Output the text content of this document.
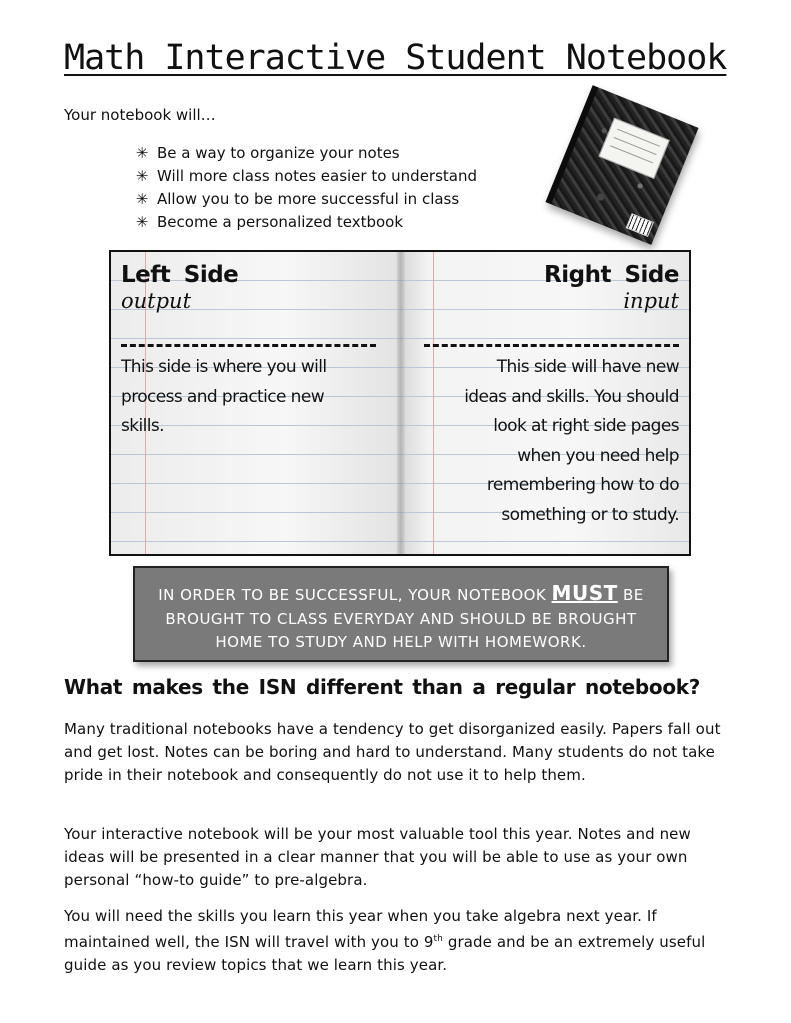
Math Interactive Student Notebook

Your notebook will…

✳ Be a way to organize your notes
✳ Will more class notes easier to understand
✳ Allow you to be more successful in class
✳ Become a personalized textbook
Left Side

output

This side is where you will process and practice new skills.

Right Side

input

This side will have new ideas and skills. You should look at right side pages when you need help remembering how to do something or to study.

IN ORDER TO BE SUCCESSFUL, YOUR NOTEBOOK MUST BE BROUGHT TO CLASS EVERYDAY AND SHOULD BE BROUGHT HOME TO STUDY AND HELP WITH HOMEWORK.
What makes the ISN different than a regular notebook?

Many traditional notebooks have a tendency to get disorganized easily. Papers fall out and get lost. Notes can be boring and hard to understand. Many students do not take pride in their notebook and consequently do not use it to help them.

Your interactive notebook will be your most valuable tool this year. Notes and new ideas will be presented in a clear manner that you will be able to use as your own personal “how-to guide” to pre-algebra.

You will need the skills you learn this year when you take algebra next year. If maintained well, the ISN will travel with you to 9th grade and be an extremely useful guide as you review topics that we learn this year.
